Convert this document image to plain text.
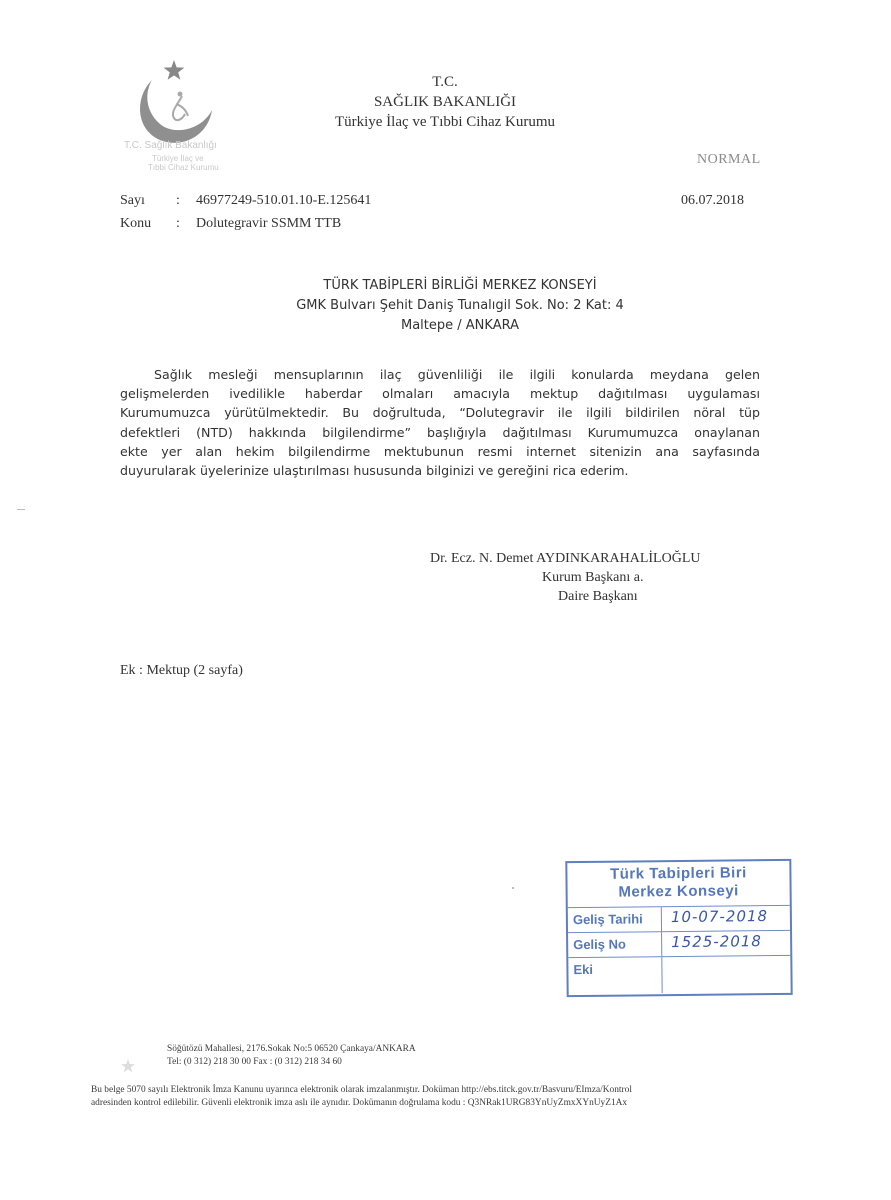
T.C. Sağlık Bakanlığı
Türkiye İlaç ve
Tıbbi Cihaz Kurumu
T.C.
SAĞLIK BAKANLIĞI
Türkiye İlaç ve Tıbbi Cihaz Kurumu
NORMAL
Sayı : 46977249-510.01.10-E.125641
Konu : Dolutegravir SSMM TTB
06.07.2018
TÜRK TABİPLERİ BİRLİĞİ MERKEZ KONSEYİ
GMK Bulvarı Şehit Daniş Tunalıgil Sok. No: 2 Kat: 4
Maltepe / ANKARA
Sağlık mesleği mensuplarının ilaç güvenliliği ile ilgili konularda meydana gelen
gelişmelerden ivedilikle haberdar olmaları amacıyla mektup dağıtılması uygulaması
Kurumumuzca yürütülmektedir. Bu doğrultuda, “Dolutegravir ile ilgili bildirilen nöral tüp
defektleri (NTD) hakkında bilgilendirme” başlığıyla dağıtılması Kurumumuzca onaylanan
ekte yer alan hekim bilgilendirme mektubunun resmi internet sitenizin ana sayfasında
duyurularak üyelerinize ulaştırılması hususunda bilginizi ve gereğini rica ederim.
Dr. Ecz. N. Demet AYDINKARAHALİLOĞLU
Kurum Başkanı a.
Daire Başkanı
Ek : Mektup (2 sayfa)
Türk Tabipleri Biri
Merkez Konseyi
Geliş Tarihi 10-07-2018
Geliş No	1525-2018
Eki
Söğütözü Mahallesi, 2176.Sokak No:5 06520 Çankaya/ANKARA
Tel: (0 312) 218 30 00 Fax : (0 312) 218 34 60
Bu belge 5070 sayılı Elektronik İmza Kanunu uyarınca elektronik olarak imzalanmıştır. Doküman http://ebs.titck.gov.tr/Basvuru/EImza/Kontrol
adresinden kontrol edilebilir. Güvenli elektronik imza aslı ile aynıdır. Dokümanın doğrulama kodu : Q3NRak1URG83YnUyZmxXYnUyZ1Ax
